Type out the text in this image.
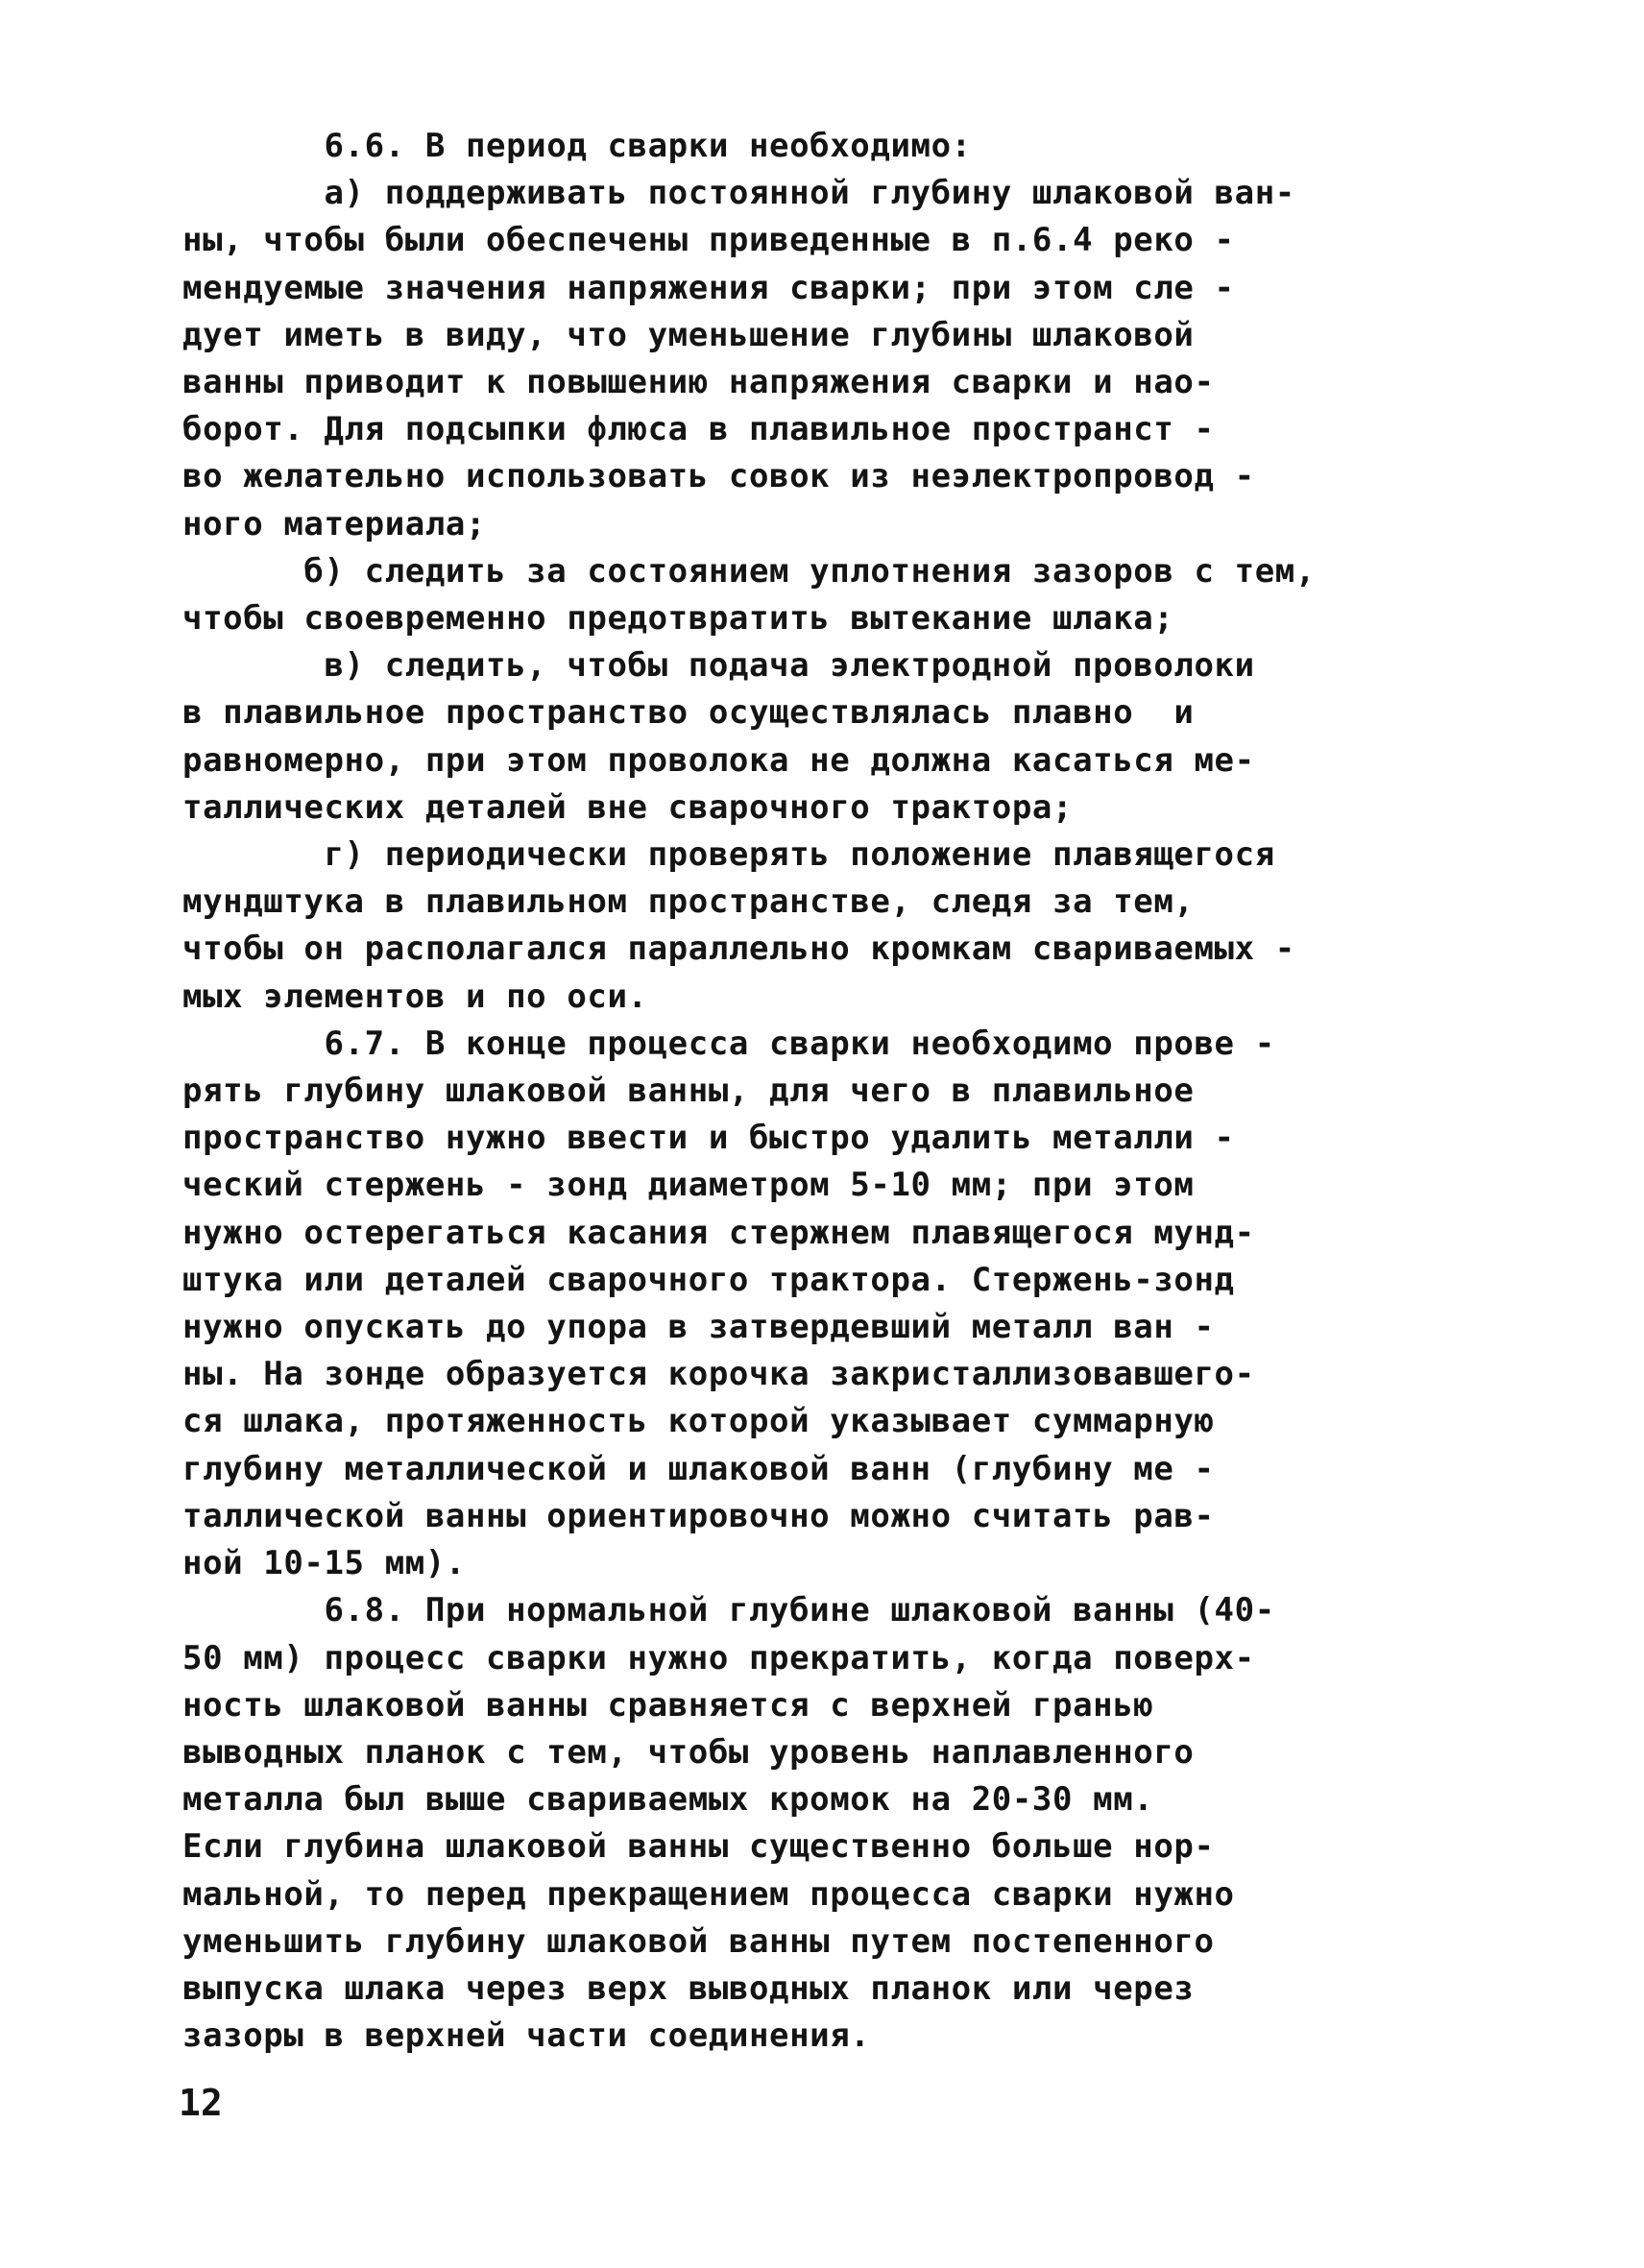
6.6. В период сварки необходимо:
а) поддерживать постоянной глубину шлаковой ван-
ны, чтобы были обеспечены приведенные в п.6.4 реко -
мендуемые значения напряжения сварки; при этом сле -
дует иметь в виду, что уменьшение глубины шлаковой
ванны приводит к повышению напряжения сварки и нао-
борот. Для подсыпки флюса в плавильное пространст -
во желательно использовать совок из неэлектропровод -
ного материала;
б) следить за состоянием уплотнения зазоров с тем,
чтобы своевременно предотвратить вытекание шлака;
в) следить, чтобы подача электродной проволоки
в плавильное пространство осуществлялась плавно  и
равномерно, при этом проволока не должна касаться ме-
таллических деталей вне сварочного трактора;
г) периодически проверять положение плавящегося
мундштука в плавильном пространстве, следя за тем,
чтобы он располагался параллельно кромкам свариваемых -
мых элементов и по оси.
6.7. В конце процесса сварки необходимо прове -
рять глубину шлаковой ванны, для чего в плавильное
пространство нужно ввести и быстро удалить металли -
ческий стержень - зонд диаметром 5-10 мм; при этом
нужно остерегаться касания стержнем плавящегося мунд-
штука или деталей сварочного трактора. Стержень-зонд
нужно опускать до упора в затвердевший металл ван -
ны. На зонде образуется корочка закристаллизовавшего-
ся шлака, протяженность которой указывает суммарную
глубину металлической и шлаковой ванн (глубину ме -
таллической ванны ориентировочно можно считать рав-
ной 10-15 мм).
6.8. При нормальной глубине шлаковой ванны (40-
50 мм) процесс сварки нужно прекратить, когда поверх-
ность шлаковой ванны сравняется с верхней гранью
выводных планок с тем, чтобы уровень наплавленного
металла был выше свариваемых кромок на 20-30 мм.
Если глубина шлаковой ванны существенно больше нор-
мальной, то перед прекращением процесса сварки нужно
уменьшить глубину шлаковой ванны путем постепенного
выпуска шлака через верх выводных планок или через
зазоры в верхней части соединения.
12
